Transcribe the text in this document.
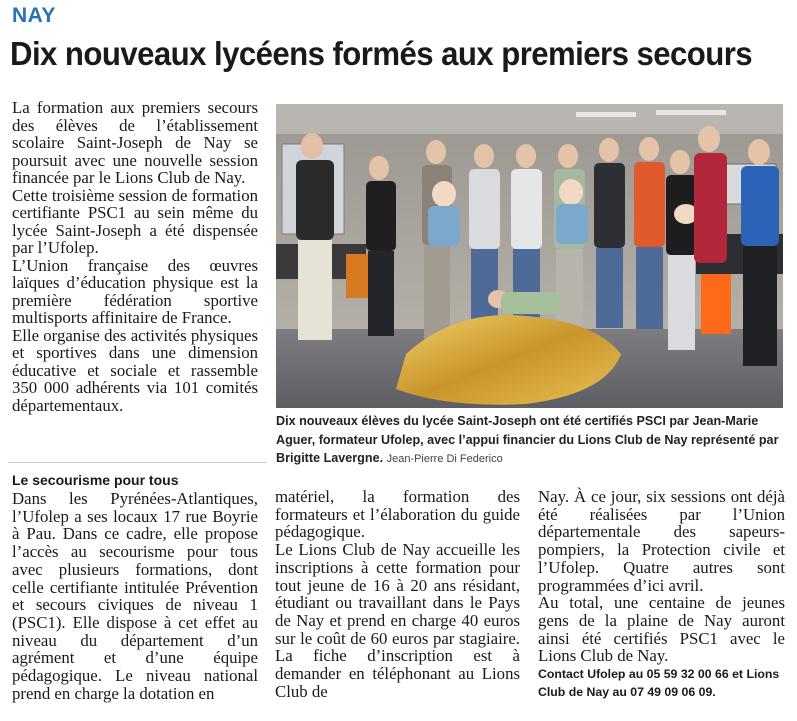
NAY
Dix nouveaux lycéens formés aux premiers secours

La formation aux premiers secours des élèves de l’établissement scolaire Saint-Joseph de Nay se poursuit avec une nouvelle session financée par le Lions Club de Nay.

Cette troisième session de formation certifiante PSC1 au sein même du lycée Saint-Joseph a été dispensée par l’Ufolep.

L’Union française des œuvres laïques d’éducation physique est la première fédération sportive multisports affinitaire de France.

Elle organise des activités physiques et sportives dans une dimension éducative et sociale et rassemble 350 000 adhérents via 101 comités départementaux.

Le secourisme pour tous

Dans les Pyrénées-Atlantiques, l’Ufolep a ses locaux 17 rue Boyrie à Pau. Dans ce cadre, elle propose l’accès au secourisme pour tous avec plusieurs formations, dont celle certifiante intitulée Prévention et secours civiques de niveau 1 (PSC1). Elle dispose à cet effet au niveau du département d’un agrément et d’une équipe pédagogique. Le niveau national prend en charge la dotation en

matériel, la formation des formateurs et l’élaboration du guide pédagogique.

Le Lions Club de Nay accueille les inscriptions à cette formation pour tout jeune de 16 à 20 ans résidant, étudiant ou travaillant dans le Pays de Nay et prend en charge 40 euros sur le coût de 60 euros par stagiaire. La fiche d’inscription est à demander en téléphonant au Lions Club de

Nay. À ce jour, six sessions ont déjà été réalisées par l’Union départementale des sapeurs-pompiers, la Protection civile et l’Ufolep. Quatre autres sont programmées d’ici avril.

Au total, une centaine de jeunes gens de la plaine de Nay auront ainsi été certifiés PSC1 avec le Lions Club de Nay.

Contact Ufolep au 05 59 32 00 66 et Lions Club de Nay au 07 49 09 06 09.
Dix nouveaux élèves du lycée Saint-Joseph ont été certifiés PSCI par Jean-Marie Aguer, formateur Ufolep, avec l’appui financier du Lions Club de Nay représenté par Brigitte Lavergne. Jean-Pierre Di Federico
